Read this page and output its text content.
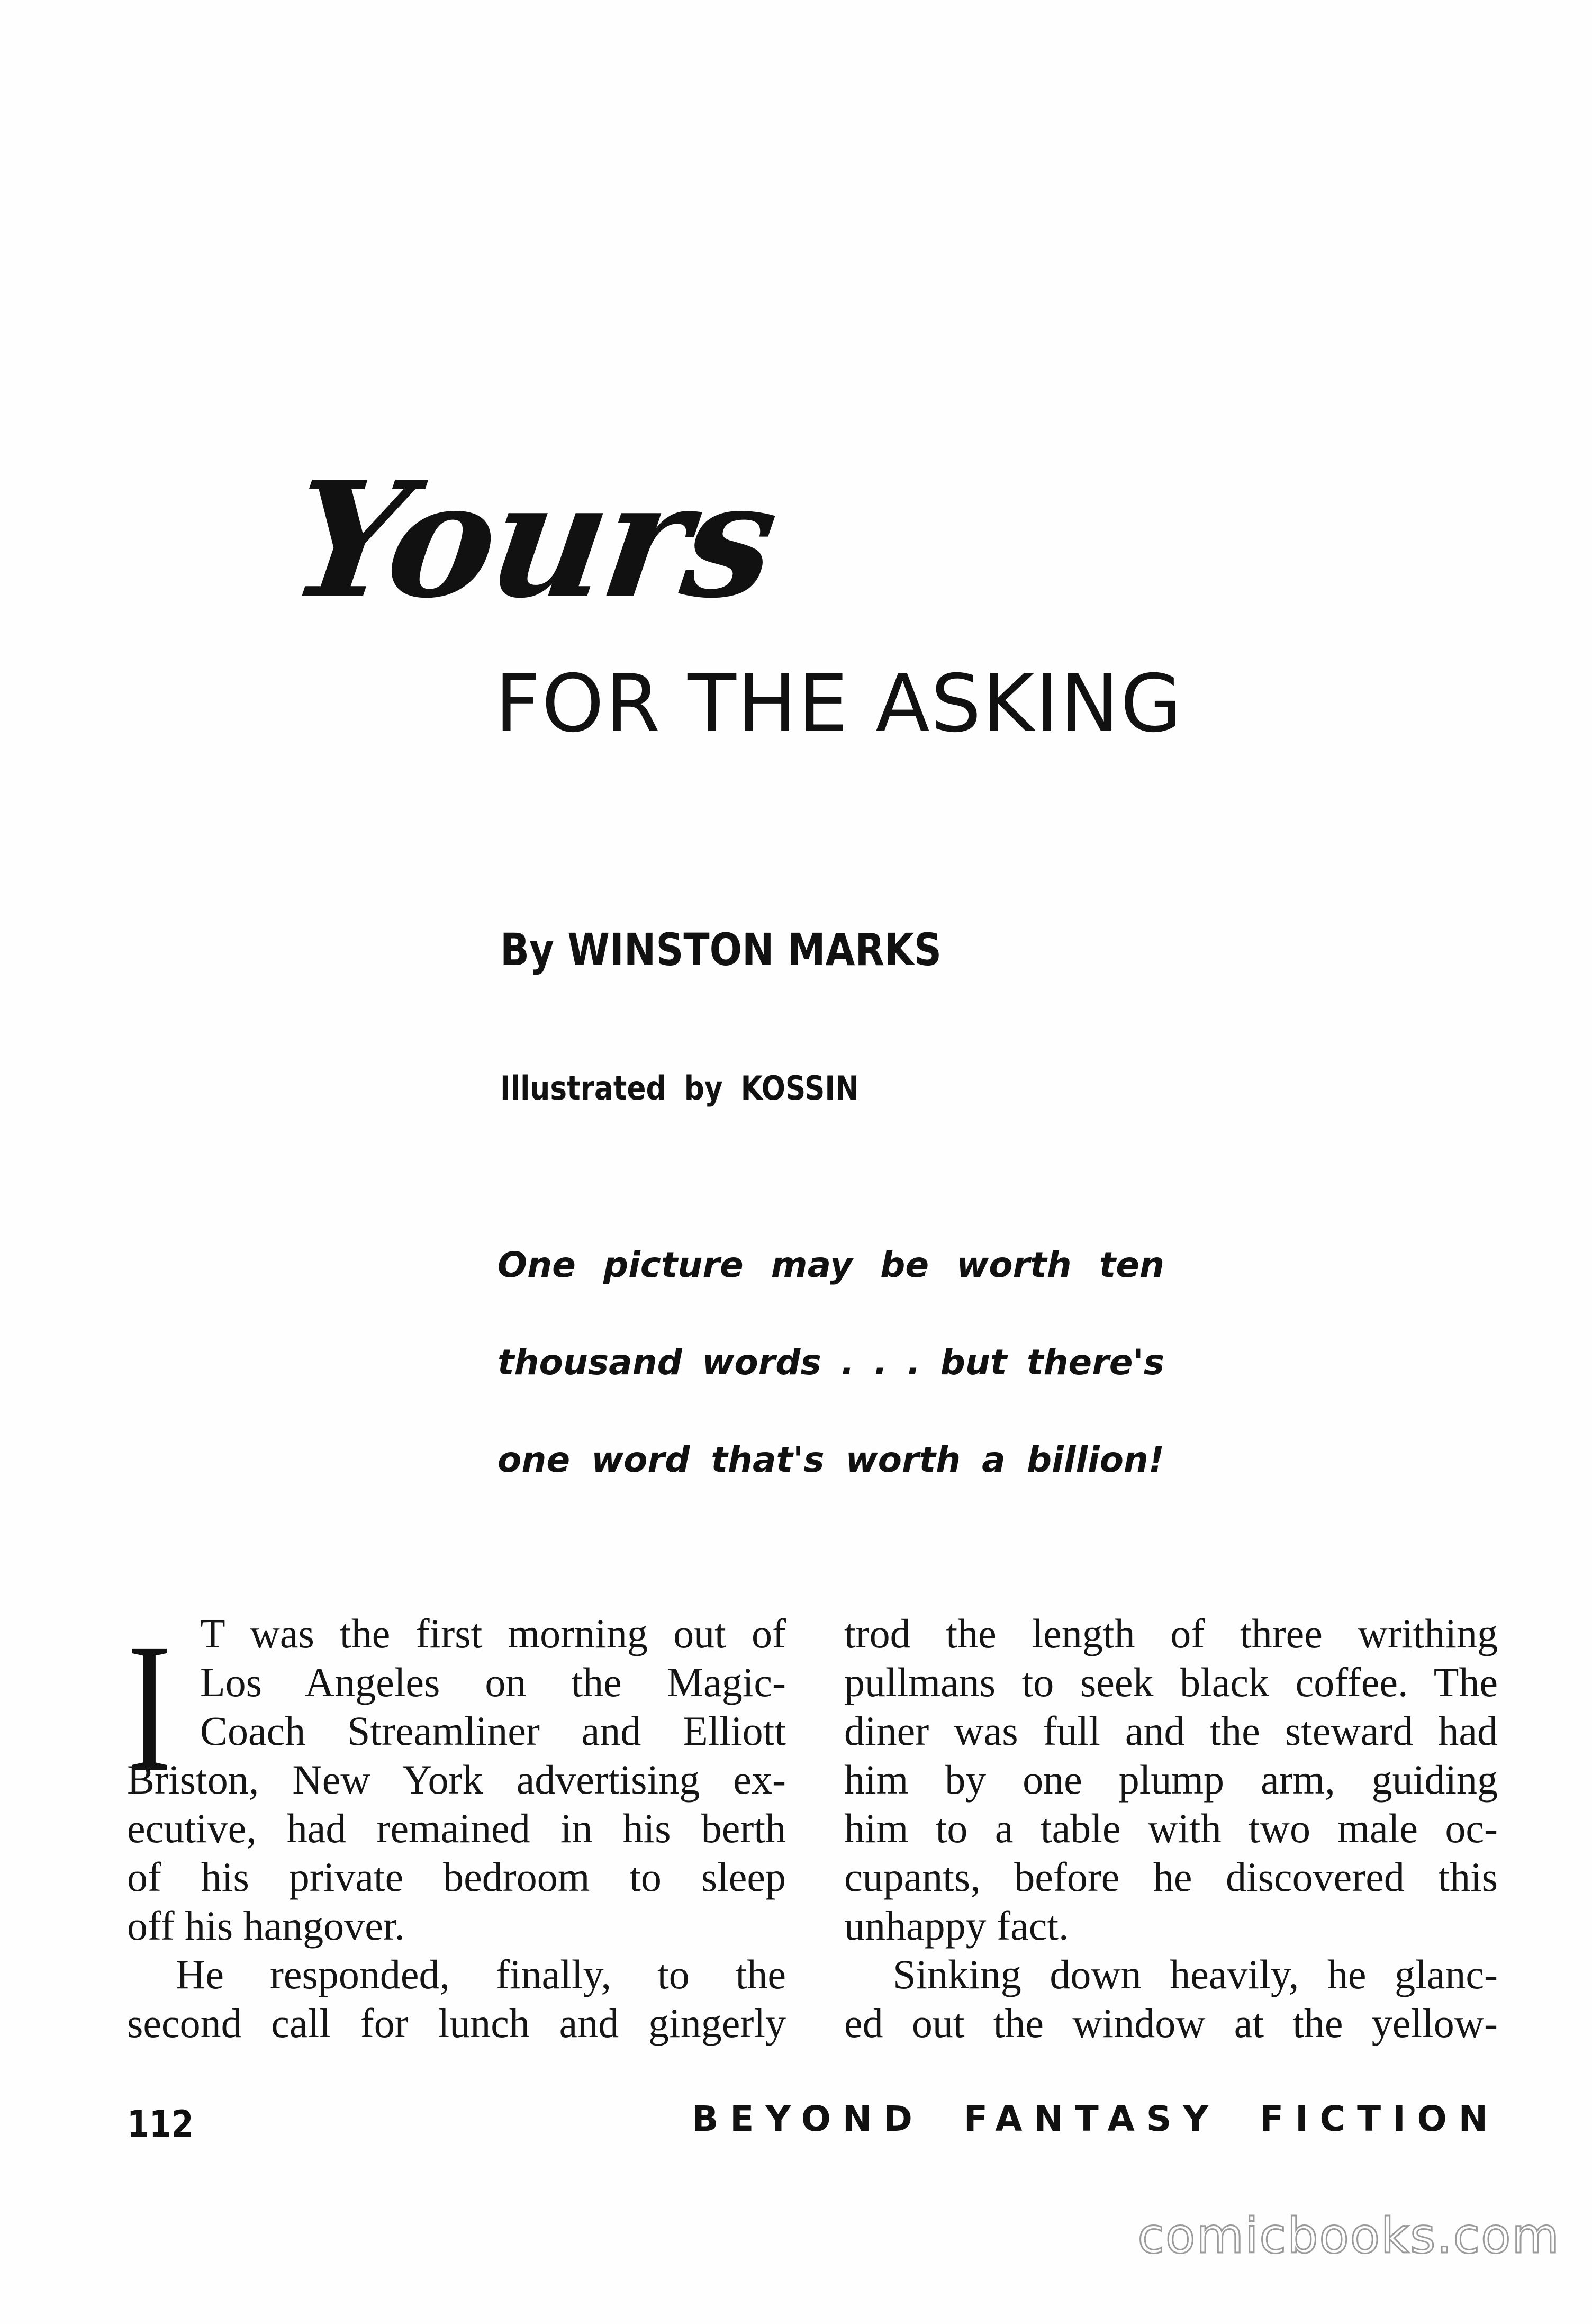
Yours
FOR THE ASKING
By WINSTON MARKS
Illustrated by KOSSIN
One picture may be worth ten
thousand words . . . but there's
one word that's worth a billion!
I T was the first morning out of
Los Angeles on the Magic-
Coach Streamliner and Elliott
Briston, New York advertising ex-
ecutive, had remained in his berth
of his private bedroom to sleep
off his hangover.
He responded, finally, to the
second call for lunch and gingerly
trod the length of three writhing
pullmans to seek black coffee. The
diner was full and the steward had
him by one plump arm, guiding
him to a table with two male oc-
cupants, before he discovered this
unhappy fact.
Sinking down heavily, he glanc-
ed out the window at the yellow-
112	BEYOND FANTASY FICTION
comicbooks.com
